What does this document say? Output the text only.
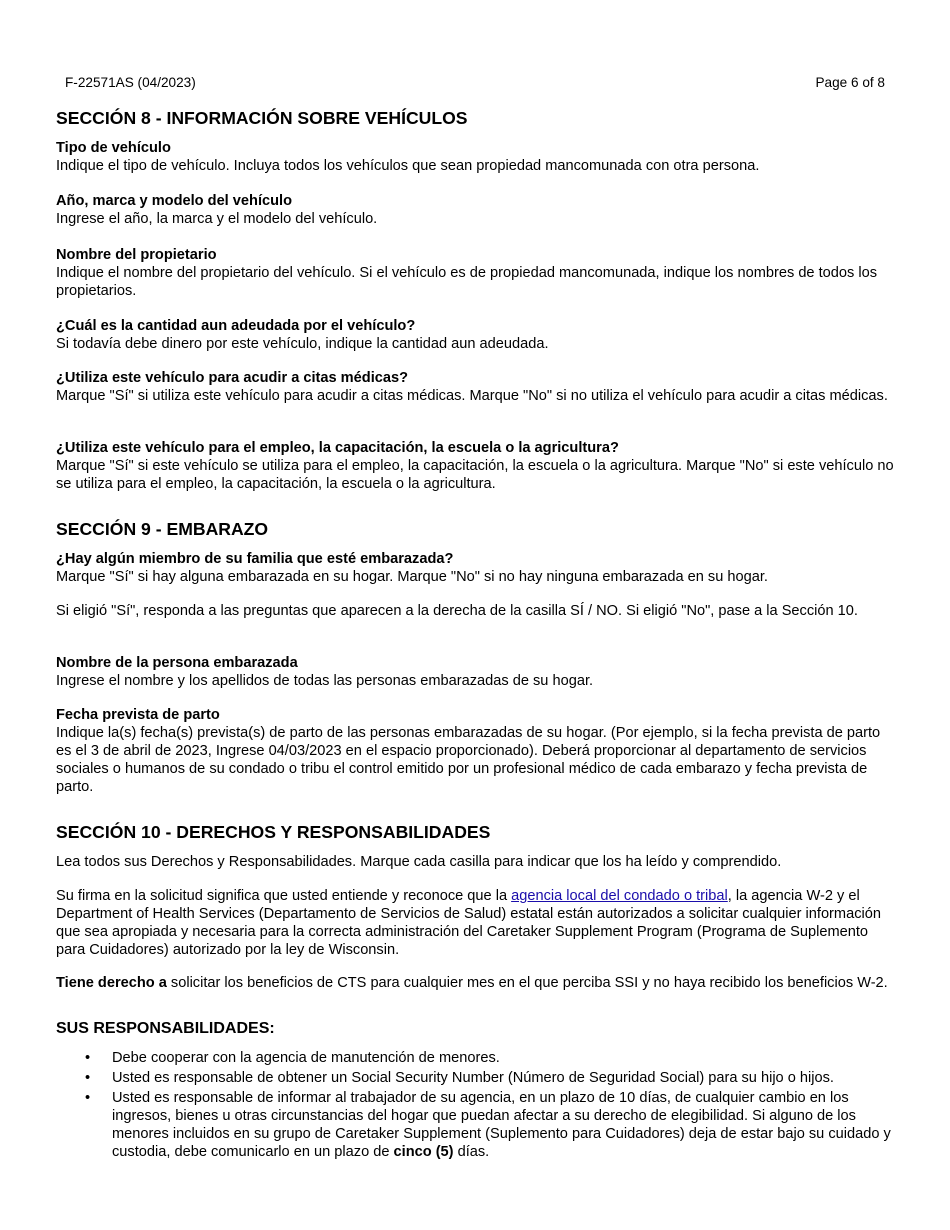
F-22571AS (04/2023)	Page 6 of 8
SECCIÓN 8 - INFORMACIÓN SOBRE VEHÍCULOS
Tipo de vehículo
Indique el tipo de vehículo. Incluya todos los vehículos que sean propiedad mancomunada con otra persona.
Año, marca y modelo del vehículo
Ingrese el año, la marca y el modelo del vehículo.
Nombre del propietario
Indique el nombre del propietario del vehículo. Si el vehículo es de propiedad mancomunada, indique los nombres de todos los propietarios.
¿Cuál es la cantidad aun adeudada por el vehículo?
Si todavía debe dinero por este vehículo, indique la cantidad aun adeudada.
¿Utiliza este vehículo para acudir a citas médicas?
Marque "Sí" si utiliza este vehículo para acudir a citas médicas. Marque "No" si no utiliza el vehículo para acudir a citas médicas.
¿Utiliza este vehículo para el empleo, la capacitación, la escuela o la agricultura?
Marque "Sí" si este vehículo se utiliza para el empleo, la capacitación, la escuela o la agricultura. Marque "No" si este vehículo no se utiliza para el empleo, la capacitación, la escuela o la agricultura.
SECCIÓN 9 - EMBARAZO
¿Hay algún miembro de su familia que esté embarazada?
Marque "Sí" si hay alguna embarazada en su hogar. Marque "No" si no hay ninguna embarazada en su hogar.
Si eligió "Sí", responda a las preguntas que aparecen a la derecha de la casilla SÍ / NO. Si eligió "No", pase a la Sección 10.
Nombre de la persona embarazada
Ingrese el nombre y los apellidos de todas las personas embarazadas de su hogar.
Fecha prevista de parto
Indique la(s) fecha(s) prevista(s) de parto de las personas embarazadas de su hogar. (Por ejemplo, si la fecha prevista de parto es el 3 de abril de 2023, Ingrese 04/03/2023 en el espacio proporcionado). Deberá proporcionar al departamento de servicios sociales o humanos de su condado o tribu el control emitido por un profesional médico de cada embarazo y fecha prevista de parto.
SECCIÓN 10 - DERECHOS Y RESPONSABILIDADES
Lea todos sus Derechos y Responsabilidades. Marque cada casilla para indicar que los ha leído y comprendido.
Su firma en la solicitud significa que usted entiende y reconoce que la agencia local del condado o tribal, la agencia W-2 y el Department of Health Services (Departamento de Servicios de Salud) estatal están autorizados a solicitar cualquier información que sea apropiada y necesaria para la correcta administración del Caretaker Supplement Program (Programa de Suplemento para Cuidadores) autorizado por la ley de Wisconsin.
Tiene derecho a solicitar los beneficios de CTS para cualquier mes en el que perciba SSI y no haya recibido los beneficios W-2.
SUS RESPONSABILIDADES:
• Debe cooperar con la agencia de manutención de menores.
• Usted es responsable de obtener un Social Security Number (Número de Seguridad Social) para su hijo o hijos.
• Usted es responsable de informar al trabajador de su agencia, en un plazo de 10 días, de cualquier cambio en los ingresos, bienes u otras circunstancias del hogar que puedan afectar a su derecho de elegibilidad. Si alguno de los menores incluidos en su grupo de Caretaker Supplement (Suplemento para Cuidadores) deja de estar bajo su cuidado y custodia, debe comunicarlo en un plazo de cinco (5) días.
